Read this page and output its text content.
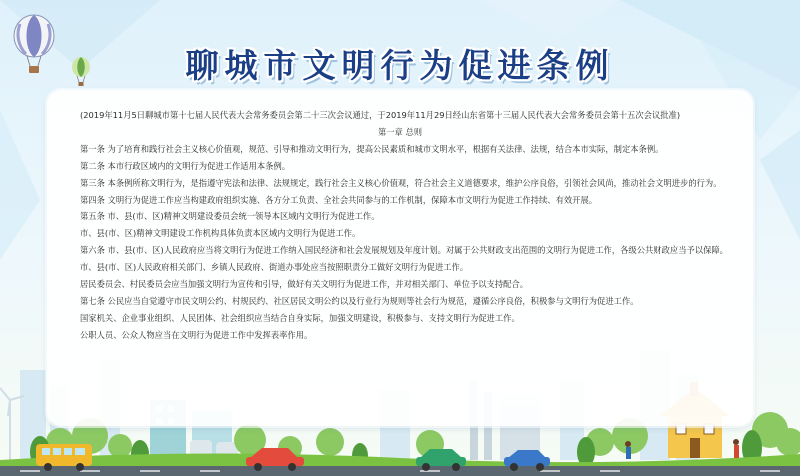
聊城市文明行为促进条例

(2019年11月5日聊城市第十七届人民代表大会常务委员会第二十三次会议通过，于2019年11月29日经山东省第十三届人民代表大会常务委员会第十五次会议批准)

第一章 总则

第一条 为了培育和践行社会主义核心价值观，规范、引导和推动文明行为，提高公民素质和城市文明水平，根据有关法律、法规，结合本市实际，制定本条例。

第二条 本市行政区域内的文明行为促进工作适用本条例。

第三条 本条例所称文明行为，是指遵守宪法和法律、法规规定，践行社会主义核心价值观，符合社会主义道德要求，维护公序良俗，引领社会风尚，推动社会文明进步的行为。

第四条 文明行为促进工作应当构建政府组织实施、各方分工负责、全社会共同参与的工作机制，保障本市文明行为促进工作持续、有效开展。

第五条 市、县(市、区)精神文明建设委员会统一领导本区域内文明行为促进工作。

市、县(市、区)精神文明建设工作机构具体负责本区域内文明行为促进工作。

第六条 市、县(市、区)人民政府应当将文明行为促进工作纳入国民经济和社会发展规划及年度计划。对属于公共财政支出范围的文明行为促进工作，各级公共财政应当予以保障。

市、县(市、区)人民政府相关部门、乡镇人民政府、街道办事处应当按照职责分工做好文明行为促进工作。

居民委员会、村民委员会应当加强文明行为宣传和引导，做好有关文明行为促进工作，并对相关部门、单位予以支持配合。

第七条 公民应当自觉遵守市民文明公约、村规民约、社区居民文明公约以及行业行为规则等社会行为规范，遵循公序良俗，积极参与文明行为促进工作。

国家机关、企业事业组织、人民团体、社会组织应当结合自身实际，加强文明建设，积极参与、支持文明行为促进工作。

公职人员、公众人物应当在文明行为促进工作中发挥表率作用。
